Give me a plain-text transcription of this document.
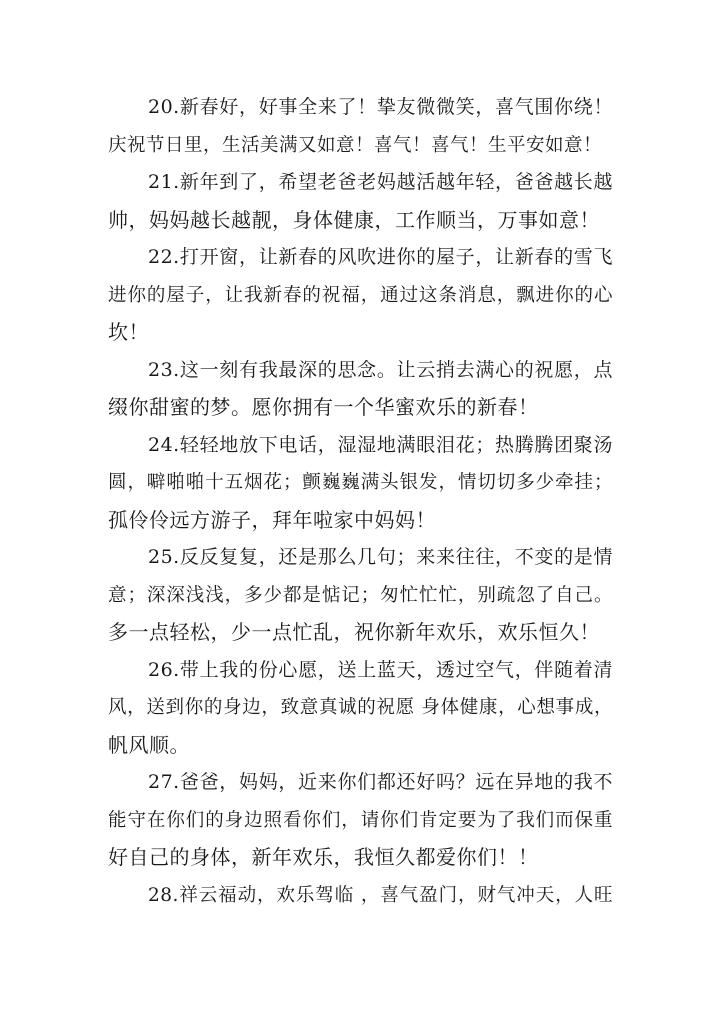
20.新春好，好事全来了！挚友微微笑，喜气围你绕！
庆祝节日里，生活美满又如意！喜气！喜气！生平安如意！
21.新年到了，希望老爸老妈越活越年轻，爸爸越长越
帅，妈妈越长越靓，身体健康，工作顺当，万事如意！
22.打开窗，让新春的风吹进你的屋子，让新春的雪飞
进你的屋子，让我新春的祝福，通过这条消息，飘进你的心
坎！
23.这一刻有我最深的思念。让云捎去满心的祝愿，点
缀你甜蜜的梦。愿你拥有一个华蜜欢乐的新春！
24.轻轻地放下电话，湿湿地满眼泪花；热腾腾团聚汤
圆，噼啪啪十五烟花；颤巍巍满头银发，情切切多少牵挂；
孤伶伶远方游子，拜年啦家中妈妈！
25.反反复复，还是那么几句；来来往往，不变的是情
意；深深浅浅，多少都是惦记；匆忙忙忙，别疏忽了自己。
多一点轻松，少一点忙乱，祝你新年欢乐，欢乐恒久！
26.带上我的份心愿，送上蓝天，透过空气，伴随着清
风，送到你的身边，致意真诚的祝愿 身体健康，心想事成，
帆风顺。
27.爸爸，妈妈，近来你们都还好吗？远在异地的我不
能守在你们的身边照看你们，请你们肯定要为了我们而保重
好自己的身体，新年欢乐，我恒久都爱你们！！
28.祥云福动，欢乐驾临 ，喜气盈门，财气冲天，人旺
